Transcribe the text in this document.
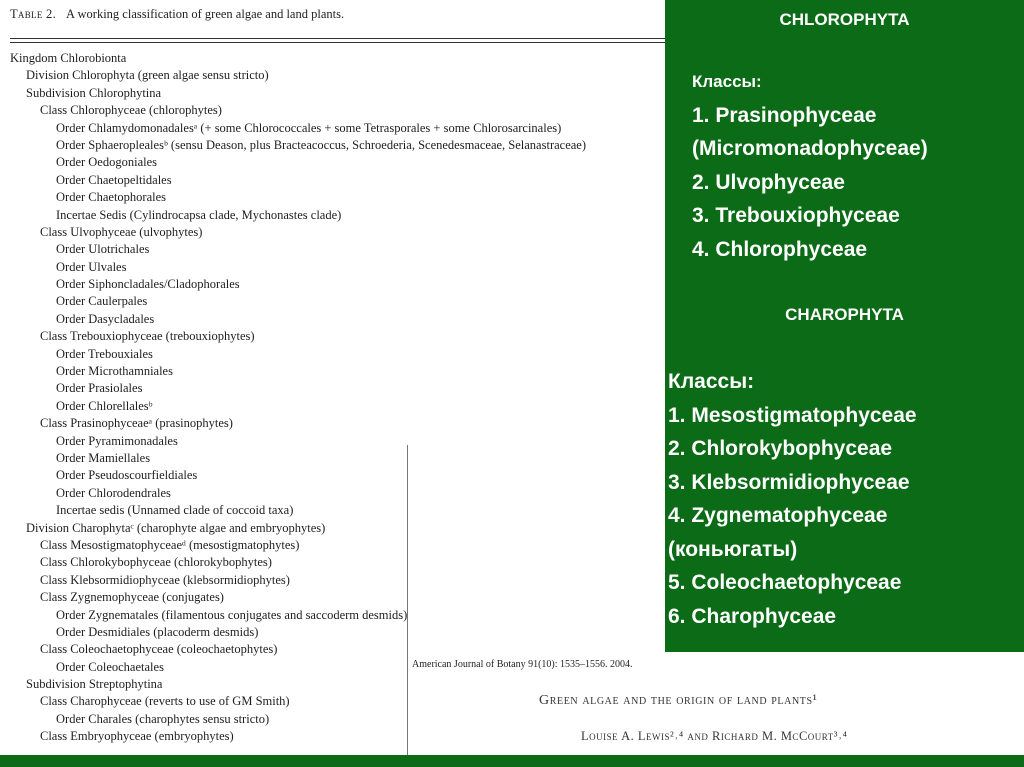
Table 2. A working classification of green algae and land plants.
Kingdom Chlorobionta
Division Chlorophyta (green algae sensu stricto)
Subdivision Chlorophytina
Class Chlorophyceae (chlorophytes)
Order Chlamydomonadalesᵃ (+ some Chlorococcales + some Tetrasporales + some Chlorosarcinales)
Order Sphaeroplealesᵇ (sensu Deason, plus Bracteacoccus, Schroederia, Scenedesmaceae, Selanastraceae)
Order Oedogoniales
Order Chaetopeltidales
Order Chaetophorales
Incertae Sedis (Cylindrocapsa clade, Mychonastes clade)
Class Ulvophyceae (ulvophytes)
Order Ulotrichales
Order Ulvales
Order Siphoncladales/Cladophorales
Order Caulerpales
Order Dasycladales
Class Trebouxiophyceae (trebouxiophytes)
Order Trebouxiales
Order Microthamniales
Order Prasiolales
Order Chlorellalesᵇ
Class Prasinophyceaeᵃ (prasinophytes)
Order Pyramimonadales
Order Mamiellales
Order Pseudoscourfieldiales
Order Chlorodendrales
Incertae sedis (Unnamed clade of coccoid taxa)
Division Charophytaᶜ (charophyte algae and embryophytes)
Class Mesostigmatophyceaeᵈ (mesostigmatophytes)
Class Chlorokybophyceae (chlorokybophytes)
Class Klebsormidiophyceae (klebsormidiophytes)
Class Zygnemophyceae (conjugates)
Order Zygnematales (filamentous conjugates and saccoderm desmids)
Order Desmidiales (placoderm desmids)
Class Coleochaetophyceae (coleochaetophytes)
Order Coleochaetales
Subdivision Streptophytina
Class Charophyceae (reverts to use of GM Smith)
Order Charales (charophytes sensu stricto)
Class Embryophyceae (embryophytes)
American Journal of Botany 91(10): 1535–1556. 2004.
Green algae and the origin of land plants¹
Louise A. Lewis²˒⁴ and Richard M. McCourt³˒⁴
CHLOROPHYTA
Классы:
1. Prasinophyceae
(Micromonadophyceae)
2. Ulvophyceae
3. Trebouxiophyceae
4. Chlorophyceae
CHAROPHYTA
Классы:
1. Mesostigmatophyceae
2. Chlorokybophyceae
3. Klebsormidiophyceae
4. Zygnematophyceae
(коньюгаты)
5. Coleochaetophyceae
6. Charophyceae
